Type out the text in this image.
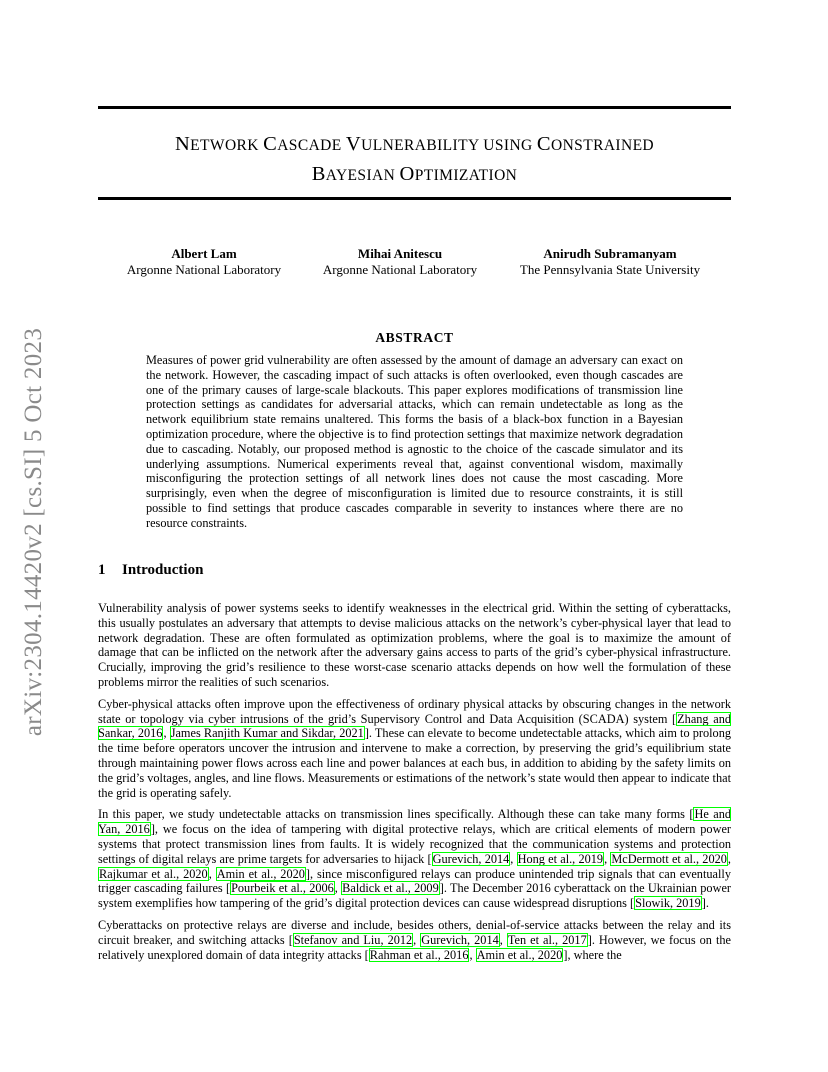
NETWORK CASCADE VULNERABILITY USING CONSTRAINED
BAYESIAN OPTIMIZATION
Albert Lam
Argonne National Laboratory
Mihai Anitescu
Argonne National Laboratory
Anirudh Subramanyam
The Pennsylvania State University
arXiv:2304.14420v2 [cs.SI] 5 Oct 2023	ABSTRACT

Measures of power grid vulnerability are often assessed by the amount of damage an adversary can exact on the network. However, the cascading impact of such attacks is often overlooked, even though cascades are one of the primary causes of large-scale blackouts. This paper explores modifications of transmission line protection settings as candidates for adversarial attacks, which can remain undetectable as long as the network equilibrium state remains unaltered. This forms the basis of a black-box function in a Bayesian optimization procedure, where the objective is to find protection settings that maximize network degradation due to cascading. Notably, our proposed method is agnostic to the choice of the cascade simulator and its underlying assumptions. Numerical experiments reveal that, against conventional wisdom, maximally misconfiguring the protection settings of all network lines does not cause the most cascading. More surprisingly, even when the degree of misconfiguration is limited due to resource constraints, it is still possible to find settings that produce cascades comparable in severity to instances where there are no resource constraints.

1 Introduction

Vulnerability analysis of power systems seeks to identify weaknesses in the electrical grid. Within the setting of cyberattacks, this usually postulates an adversary that attempts to devise malicious attacks on the network’s cyber-physical layer that lead to network degradation. These are often formulated as optimization problems, where the goal is to maximize the amount of damage that can be inflicted on the network after the adversary gains access to parts of the grid’s cyber-physical infrastructure. Crucially, improving the grid’s resilience to these worst-case scenario attacks depends on how well the formulation of these problems mirror the realities of such scenarios.

Cyber-physical attacks often improve upon the effectiveness of ordinary physical attacks by obscuring changes in the network state or topology via cyber intrusions of the grid’s Supervisory Control and Data Acquisition (SCADA) system [Zhang and Sankar, 2016, James Ranjith Kumar and Sikdar, 2021]. These can elevate to become undetectable attacks, which aim to prolong the time before operators uncover the intrusion and intervene to make a correction, by preserving the grid’s equilibrium state through maintaining power flows across each line and power balances at each bus, in addition to abiding by the safety limits on the grid’s voltages, angles, and line flows. Measurements or estimations of the network’s state would then appear to indicate that the grid is operating safely.

In this paper, we study undetectable attacks on transmission lines specifically. Although these can take many forms [He and Yan, 2016], we focus on the idea of tampering with digital protective relays, which are critical elements of modern power systems that protect transmission lines from faults. It is widely recognized that the communication systems and protection settings of digital relays are prime targets for adversaries to hijack [Gurevich, 2014, Hong et al., 2019, McDermott et al., 2020, Rajkumar et al., 2020, Amin et al., 2020], since misconfigured relays can produce unintended trip signals that can eventually trigger cascading failures [Pourbeik et al., 2006, Baldick et al., 2009]. The December 2016 cyberattack on the Ukrainian power system exemplifies how tampering of the grid’s digital protection devices can cause widespread disruptions [Slowik, 2019].

Cyberattacks on protective relays are diverse and include, besides others, denial-of-service attacks between the relay and its circuit breaker, and switching attacks [Stefanov and Liu, 2012, Gurevich, 2014, Ten et al., 2017]. However, we focus on the relatively unexplored domain of data integrity attacks [Rahman et al., 2016, Amin et al., 2020], where the
